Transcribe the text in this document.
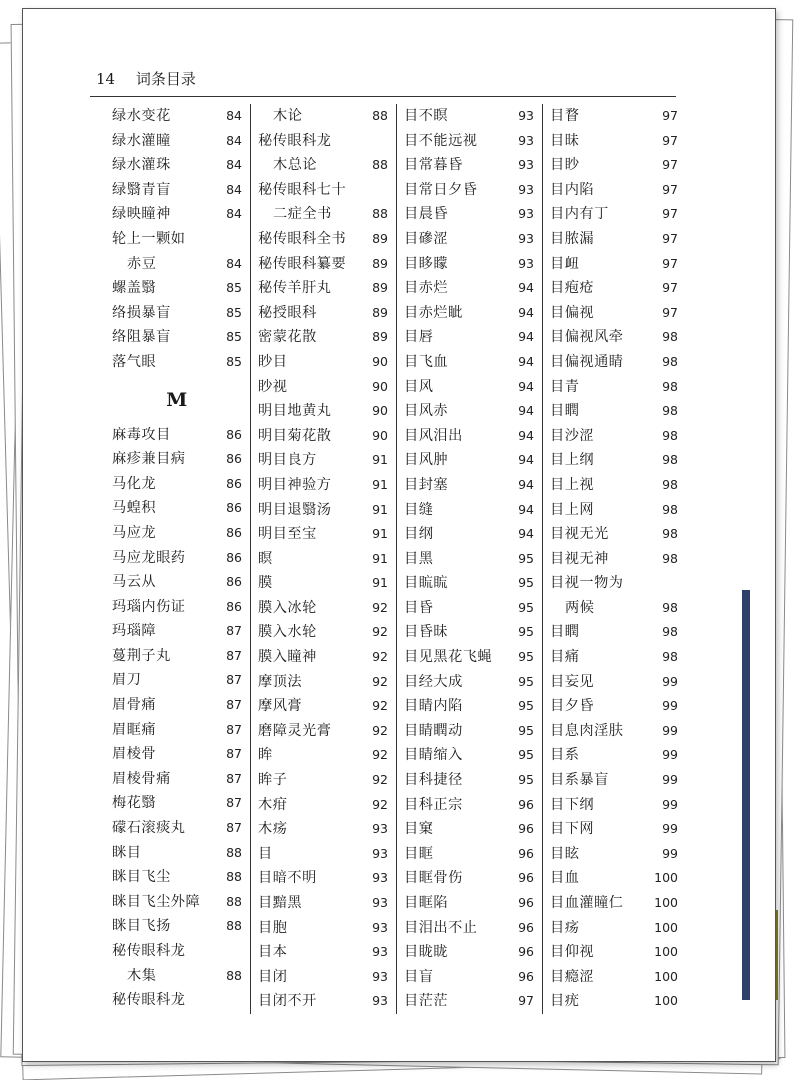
14 词条目录
绿水变花	84
绿水灌瞳	84
绿水灌珠	84
绿翳青盲	84
绿映瞳神	84
轮上一颗如
赤豆	84
螺盖翳	85
络损暴盲	85
络阻暴盲	85
落气眼	85
M
麻毒攻目	86
麻疹兼目病	86
马化龙	86
马蝗积	86
马应龙	86
马应龙眼药	86
马云从	86
玛瑙内伤证	86
玛瑙障	87
蔓荆子丸	87
眉刀	87
眉骨痛	87
眉眶痛	87
眉棱骨	87
眉棱骨痛	87
梅花翳	87
礞石滚痰丸	87
眯目	88
眯目飞尘	88
眯目飞尘外障 88
眯目飞扬	88
秘传眼科龙
木集	88
秘传眼科龙
木论	88
秘传眼科龙
木总论	88
秘传眼科七十
二症全书	88
秘传眼科全书 89
秘传眼科纂要 89
秘传羊肝丸	89
秘授眼科	89
密蒙花散	89
眇目	90
眇视	90
明目地黄丸	90
明目菊花散	90
明目良方	91
明目神验方	91
明目退翳汤	91
明目至宝	91
瞑	91
膜	91
膜入冰轮	92
膜入水轮	92
膜入瞳神	92
摩顶法	92
摩风膏	92
磨障灵光膏	92
眸	92
眸子	92
木疳	92
木疡	93
目	93
目暗不明	93
目黯黑	93
目胞	93
目本	93
目闭	93
目闭不开	93
目不瞑	93
目不能远视	93
目常暮昏	93
目常日夕昏	93
目晨昏	93
目磣涩	93
目眵矇	93
目赤烂	94
目赤烂眦	94
目唇	94
目飞血	94
目风	94
目风赤	94
目风泪出	94
目风肿	94
目封塞	94
目缝	94
目纲	94
目黑	95
目䀮䀮	95
目昏	95
目昏昧	95
目见黑花飞蝇 95
目经大成	95
目睛内陷	95
目睛瞤动	95
目睛缩入	95
目科捷径	95
目科正宗	96
目窠	96
目眶	96
目眶骨伤	96
目眶陷	96
目泪出不止	96
目眬眬	96
目盲	96
目茫茫	97
目瞀	97
目昧	97
目眇	97
目内陷	97
目内有丁	97
目脓漏	97
目衄	97
目疱疮	97
目偏视	97
目偏视风牵	98
目偏视通睛	98
目青	98
目瞤	98
目沙涩	98
目上纲	98
目上视	98
目上网	98
目视无光	98
目视无神	98
目视一物为
两候	98
目瞤	98
目痛	98
目妄见	99
目夕昏	99
目息肉淫肤	99
目系	99
目系暴盲	99
目下纲	99
目下网	99
目眩	99
目血	100
目血灌瞳仁 100
目疡	100
目仰视	100
目瘾涩	100
目疣	100
